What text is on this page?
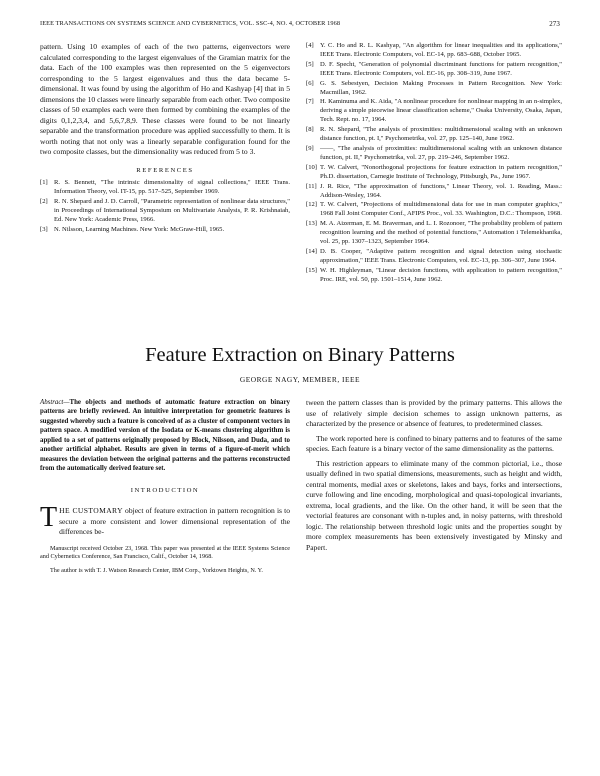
IEEE TRANSACTIONS ON SYSTEMS SCIENCE AND CYBERNETICS, VOL. SSC-4, NO. 4, OCTOBER 1968	273

pattern. Using 10 examples of each of the two patterns, eigenvectors were calculated corresponding to the largest eigenvalues of the Gramian matrix for the data. Each of the 100 examples was then represented on the 5 eigenvectors corresponding to the 5 largest eigenvalues and thus the data became 5-dimensional. It was found by using the algorithm of Ho and Kashyap [4] that in 5 dimensions the 10 classes were linearly separable from each other. Two composite classes of 50 examples each were then formed by combining the examples of the digits 0,1,2,3,4, and 5,6,7,8,9. These classes were found to be not linearly separable and the transformation procedure was applied successfully to them. It is worth noting that not only was a linearly separable configuration found for the two composite classes, but the dimensionality was reduced from 5 to 3.

REFERENCES
[1] R. S. Bennett, "The intrinsic dimensionality of signal collections," IEEE Trans. Information Theory, vol. IT-15, pp. 517–525, September 1969.
[2] R. N. Shepard and J. D. Carroll, "Parametric representation of nonlinear data structures," in Proceedings of International Symposium on Multivariate Analysis, P. R. Krishnaiah, Ed. New York: Academic Press, 1966.
[3] N. Nilsson, Learning Machines. New York: McGraw-Hill, 1965.
[4] Y. C. Ho and R. L. Kashyap, "An algorithm for linear inequalities and its applications," IEEE Trans. Electronic Computers, vol. EC-14, pp. 683–688, October 1965.
[5] D. F. Specht, "Generation of polynomial discriminant functions for pattern recognition," IEEE Trans. Electronic Computers, vol. EC-16, pp. 308–319, June 1967.
[6] G. S. Sebestyen, Decision Making Processes in Pattern Recognition. New York: Macmillan, 1962.
[7] H. Kaminuma and K. Aida, "A nonlinear procedure for nonlinear mapping in an n-simplex, deriving a simple piecewise linear classification scheme," Osaka University, Osaka, Japan, Tech. Rept. no. 17, 1964.
[8] R. N. Shepard, "The analysis of proximities: multidimensional scaling with an unknown distance function, pt. I," Psychometrika, vol. 27, pp. 125–140, June 1962.
[9] ——, "The analysis of proximities: multidimensional scaling with an unknown distance function, pt. II," Psychometrika, vol. 27, pp. 219–246, September 1962.
[10] T. W. Calvert, "Nonorthogonal projections for feature extraction in pattern recognition," Ph.D. dissertation, Carnegie Institute of Technology, Pittsburgh, Pa., June 1967.
[11] J. R. Rice, "The approximation of functions," Linear Theory, vol. 1. Reading, Mass.: Addison-Wesley, 1964.
[12] T. W. Calvert, "Projections of multidimensional data for use in man computer graphics," 1968 Fall Joint Computer Conf., AFIPS Proc., vol. 33. Washington, D.C.: Thompson, 1968.
[13] M. A. Aizerman, E. M. Braverman, and L. I. Rozonoer, "The probability problem of pattern recognition learning and the method of potential functions," Automation i Telemekhanika, vol. 25, pp. 1307–1323, September 1964.
[14] D. B. Cooper, "Adaptive pattern recognition and signal detection using stochastic approximation," IEEE Trans. Electronic Computers, vol. EC-13, pp. 306–307, June 1964.
[15] W. H. Highleyman, "Linear decision functions, with application to pattern recognition," Proc. IRE, vol. 50, pp. 1501–1514, June 1962.
Feature Extraction on Binary Patterns
GEORGE NAGY, MEMBER, IEEE

Abstract—The objects and methods of automatic feature extraction on binary patterns are briefly reviewed. An intuitive interpretation for geometric features is suggested whereby such a feature is conceived of as a cluster of component vectors in pattern space. A modified version of the Isodata or K-means clustering algorithm is applied to a set of patterns originally proposed by Block, Nilsson, and Duda, and to another artificial alphabet. Results are given in terms of a figure-of-merit which measures the deviation between the original patterns and the patterns reconstructed from the automatically derived feature set.

INTRODUCTION

THE CUSTOMARY object of feature extraction in pattern recognition is to secure a more consistent and lower dimensional representation of the differences be-

Manuscript received October 23, 1968. This paper was presented at the IEEE Systems Science and Cybernetics Conference, San Francisco, Calif., October 14, 1968.

The author is with T. J. Watson Research Center, IBM Corp., Yorktown Heights, N. Y.

tween the pattern classes than is provided by the primary patterns. This allows the use of relatively simple decision schemes to assign unknown patterns, as characterized by the presence or absence of features, to predetermined classes.

The work reported here is confined to binary patterns and to features of the same species. Each feature is a binary vector of the same dimensionality as the patterns.

This restriction appears to eliminate many of the common pictorial, i.e., those usually defined in two spatial dimensions, measurements, such as height and width, central moments, medial axes or skeletons, lakes and bays, forks and intersections, curve following and line encoding, morphological and quasi-topological invariants, extrema, local gradients, and the like. On the other hand, it will be seen that the vectorial features are consonant with n-tuples and, in noisy patterns, with threshold logic. The relationship between threshold logic units and the properties sought by more complex measurements has been extensively investigated by Minsky and Papert.
